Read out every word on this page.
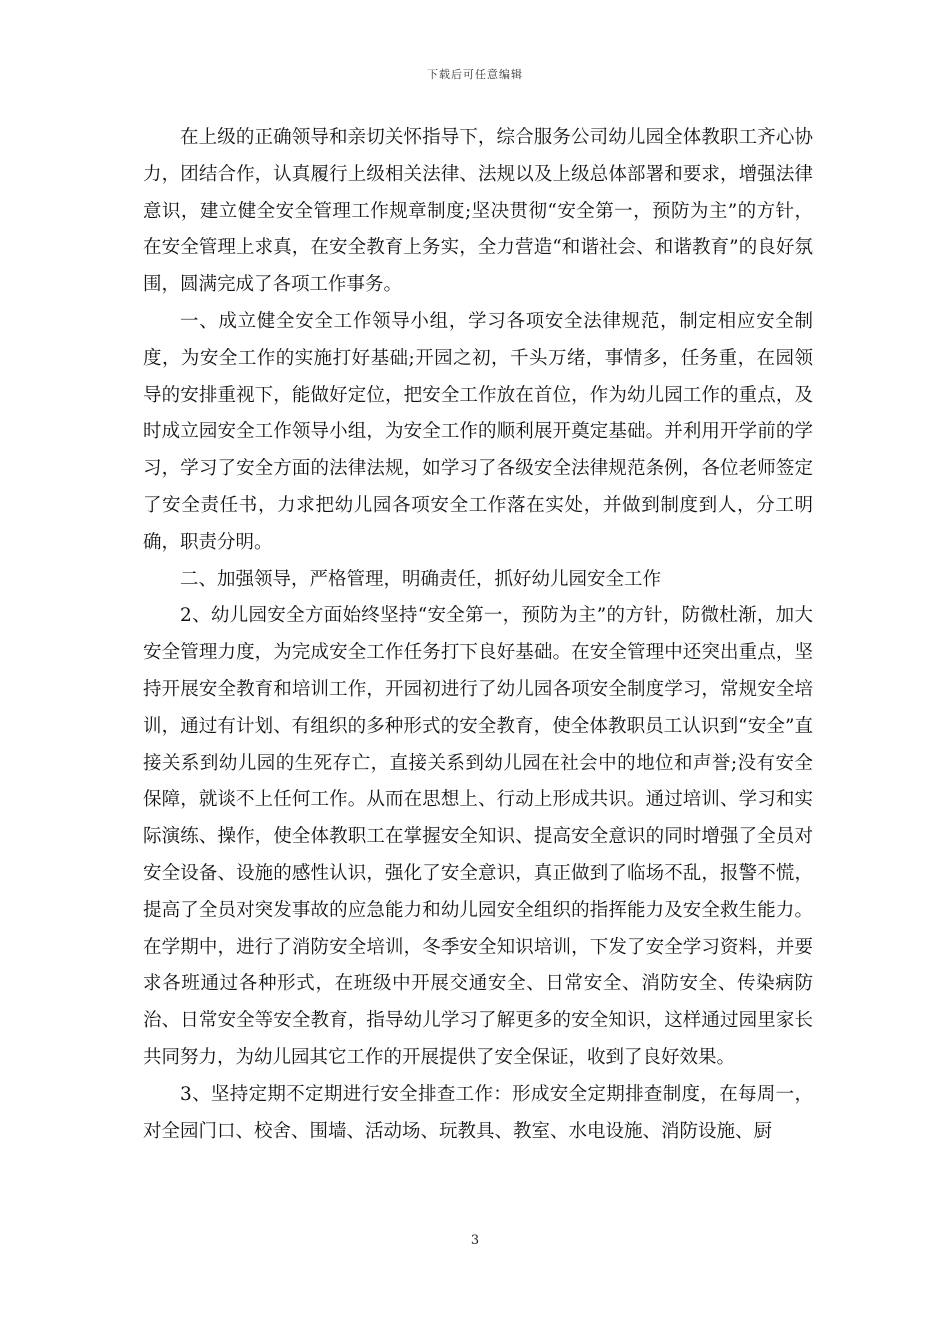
下载后可任意编辑

在上级的正确领导和亲切关怀指导下，综合服务公司幼儿园全体教职工齐心协力，团结合作，认真履行上级相关法律、法规以及上级总体部署和要求，增强法律意识，建立健全安全管理工作规章制度;坚决贯彻“安全第一，预防为主”的方针，在安全管理上求真，在安全教育上务实，全力营造“和谐社会、和谐教育”的良好氛围，圆满完成了各项工作事务。

一、成立健全安全工作领导小组，学习各项安全法律规范，制定相应安全制度，为安全工作的实施打好基础;开园之初，千头万绪，事情多，任务重，在园领导的安排重视下，能做好定位，把安全工作放在首位，作为幼儿园工作的重点，及时成立园安全工作领导小组，为安全工作的顺利展开奠定基础。并利用开学前的学习，学习了安全方面的法律法规，如学习了各级安全法律规范条例，各位老师签定了安全责任书，力求把幼儿园各项安全工作落在实处，并做到制度到人，分工明确，职责分明。

二、加强领导，严格管理，明确责任，抓好幼儿园安全工作

2、幼儿园安全方面始终坚持“安全第一，预防为主”的方针，防微杜渐，加大安全管理力度，为完成安全工作任务打下良好基础。在安全管理中还突出重点，坚持开展安全教育和培训工作，开园初进行了幼儿园各项安全制度学习，常规安全培训，通过有计划、有组织的多种形式的安全教育，使全体教职员工认识到“安全”直接关系到幼儿园的生死存亡，直接关系到幼儿园在社会中的地位和声誉;没有安全保障，就谈不上任何工作。从而在思想上、行动上形成共识。通过培训、学习和实际演练、操作，使全体教职工在掌握安全知识、提高安全意识的同时增强了全员对安全设备、设施的感性认识，强化了安全意识，真正做到了临场不乱，报警不慌，提高了全员对突发事故的应急能力和幼儿园安全组织的指挥能力及安全救生能力。在学期中，进行了消防安全培训，冬季安全知识培训，下发了安全学习资料，并要求各班通过各种形式，在班级中开展交通安全、日常安全、消防安全、传染病防治、日常安全等安全教育，指导幼儿学习了解更多的安全知识，这样通过园里家长共同努力，为幼儿园其它工作的开展提供了安全保证，收到了良好效果。

3、坚持定期不定期进行安全排查工作：形成安全定期排查制度，在每周一，对全园门口、校舍、围墙、活动场、玩教具、教室、水电设施、消防设施、厨

3
